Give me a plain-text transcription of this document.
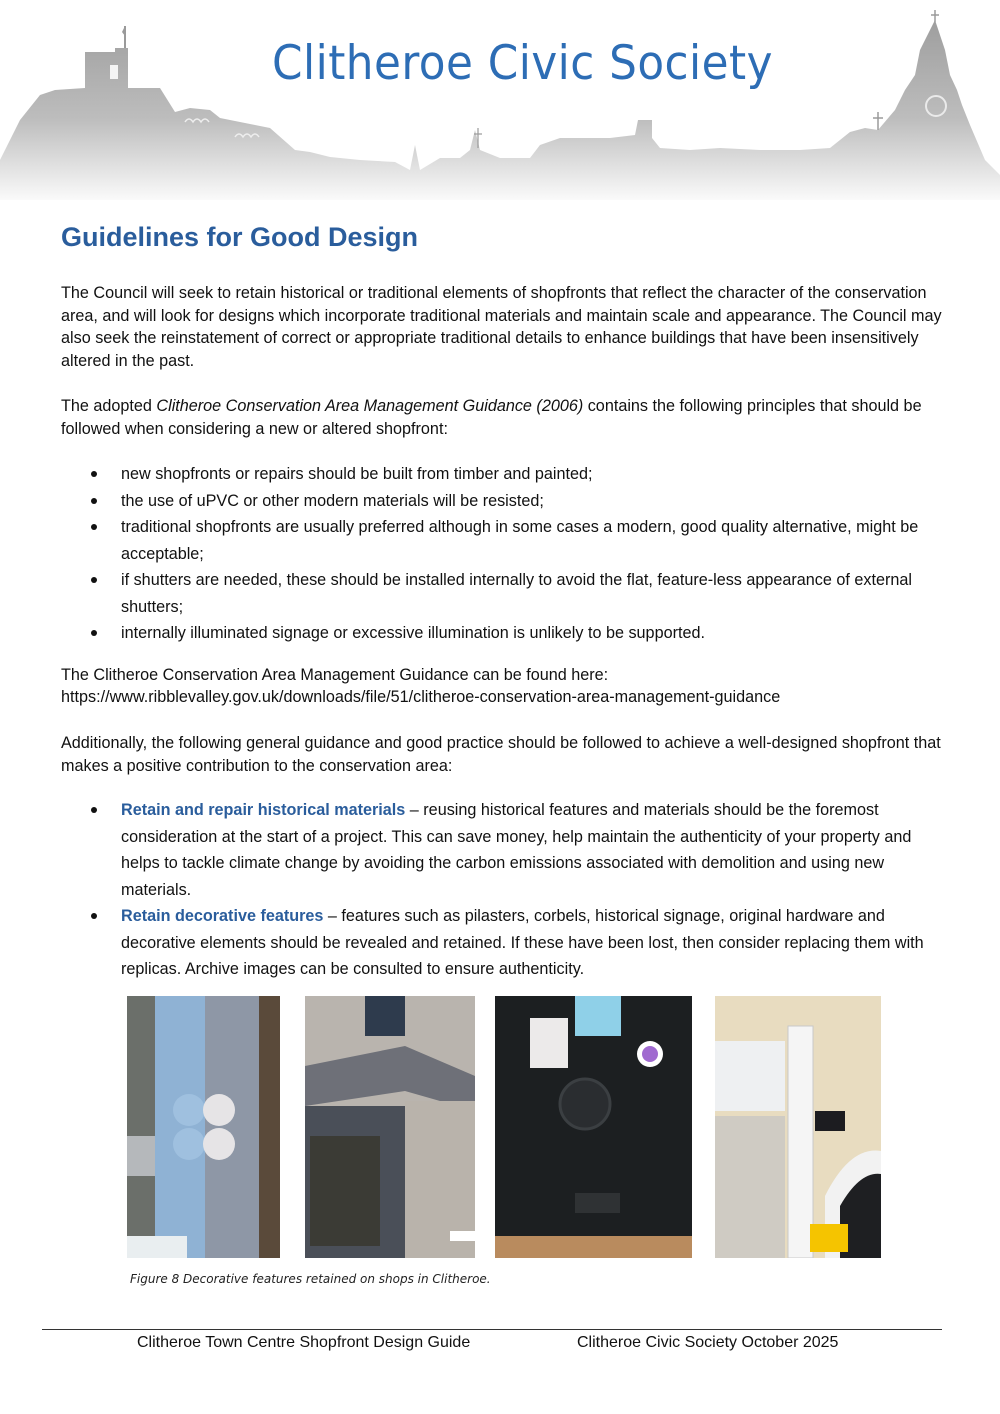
Clitheroe Civic Society
Guidelines for Good Design

The Council will seek to retain historical or traditional elements of shopfronts that reflect the character of the conservation area, and will look for designs which incorporate traditional materials and maintain scale and appearance. The Council may also seek the reinstatement of correct or appropriate traditional details to enhance buildings that have been insensitively altered in the past.

The adopted Clitheroe Conservation Area Management Guidance (2006) contains the following principles that should be followed when considering a new or altered shopfront:

new shopfronts or repairs should be built from timber and painted;
the use of uPVC or other modern materials will be resisted;
traditional shopfronts are usually preferred although in some cases a modern, good quality alternative, might be acceptable;
if shutters are needed, these should be installed internally to avoid the flat, feature-less appearance of external shutters;
internally illuminated signage or excessive illumination is unlikely to be supported.

The Clitheroe Conservation Area Management Guidance can be found here:

https://www.ribblevalley.gov.uk/downloads/file/51/clitheroe-conservation-area-management-guidance

Additionally, the following general guidance and good practice should be followed to achieve a well-designed shopfront that makes a positive contribution to the conservation area:

Retain and repair historical materials – reusing historical features and materials should be the foremost consideration at the start of a project. This can save money, help maintain the authenticity of your property and helps to tackle climate change by avoiding the carbon emissions associated with demolition and using new materials.
Retain decorative features – features such as pilasters, corbels, historical signage, original hardware and decorative elements should be revealed and retained. If these have been lost, then consider replacing them with replicas. Archive images can be consulted to ensure authenticity.
Figure 8 Decorative features retained on shops in Clitheroe.
Clitheroe Town Centre Shopfront Design Guide	Clitheroe Civic Society October 2025
